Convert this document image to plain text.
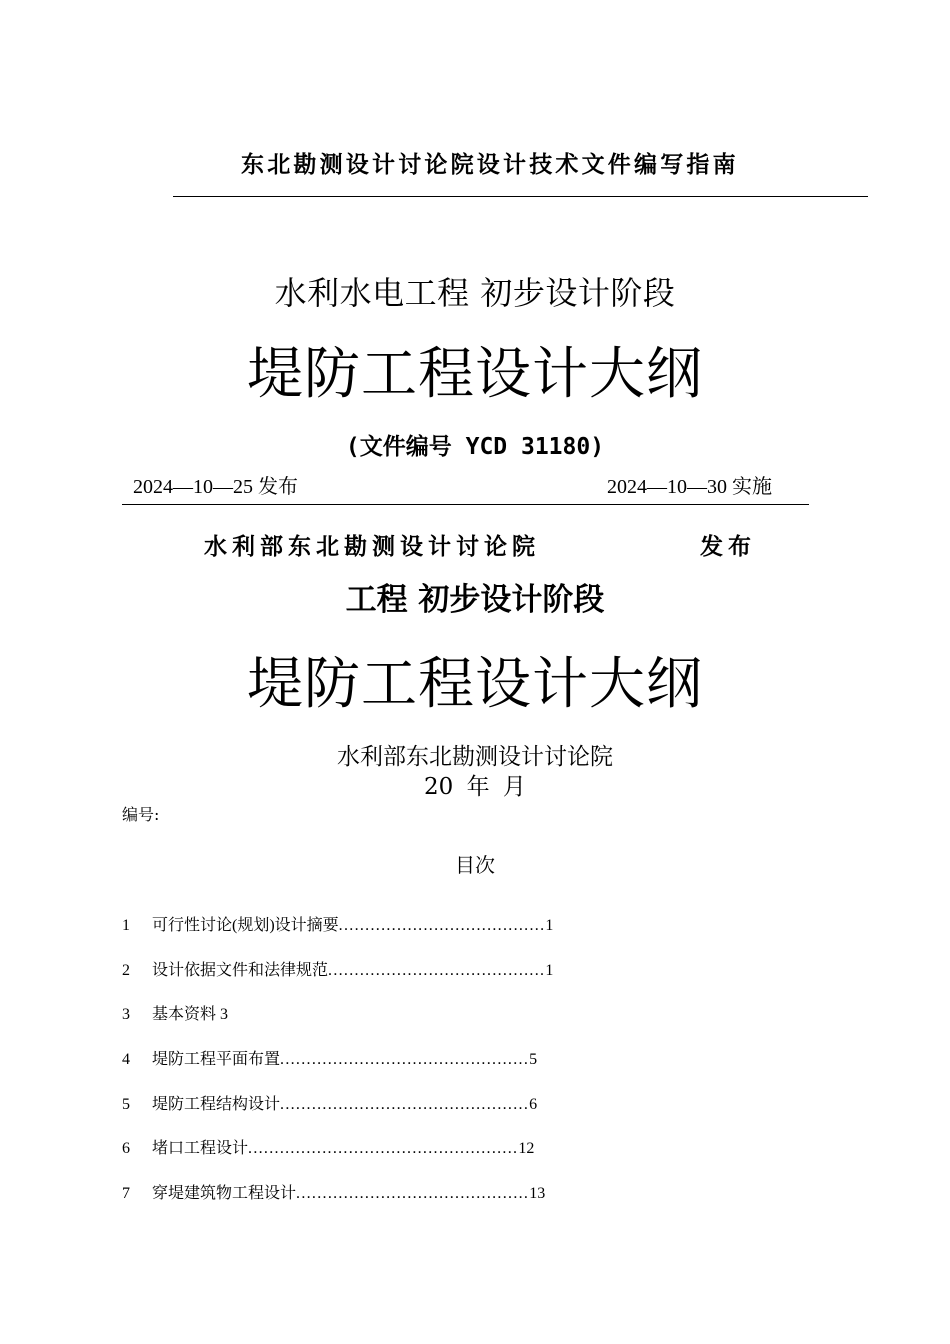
东北勘测设计讨论院设计技术文件编写指南
水利水电工程 初步设计阶段
堤防工程设计大纲
(文件编号 YCD 31180)
2024—10—25 发布	2024—10—30 实施
水利部东北勘测设计讨论院	发布
工程 初步设计阶段
堤防工程设计大纲
水利部东北勘测设计讨论院
20 年 月
编号:
目次
1	可行性讨论(规划)设计摘要 ....................................... 1
2	设计依据文件和法律规范 ......................................... 1
3	基本资料 3
4	堤防工程平面布置 ............................................... 5
5	堤防工程结构设计 ............................................... 6
6	堵口工程设计 ................................................... 12
7	穿堤建筑物工程设计 ............................................ 13
